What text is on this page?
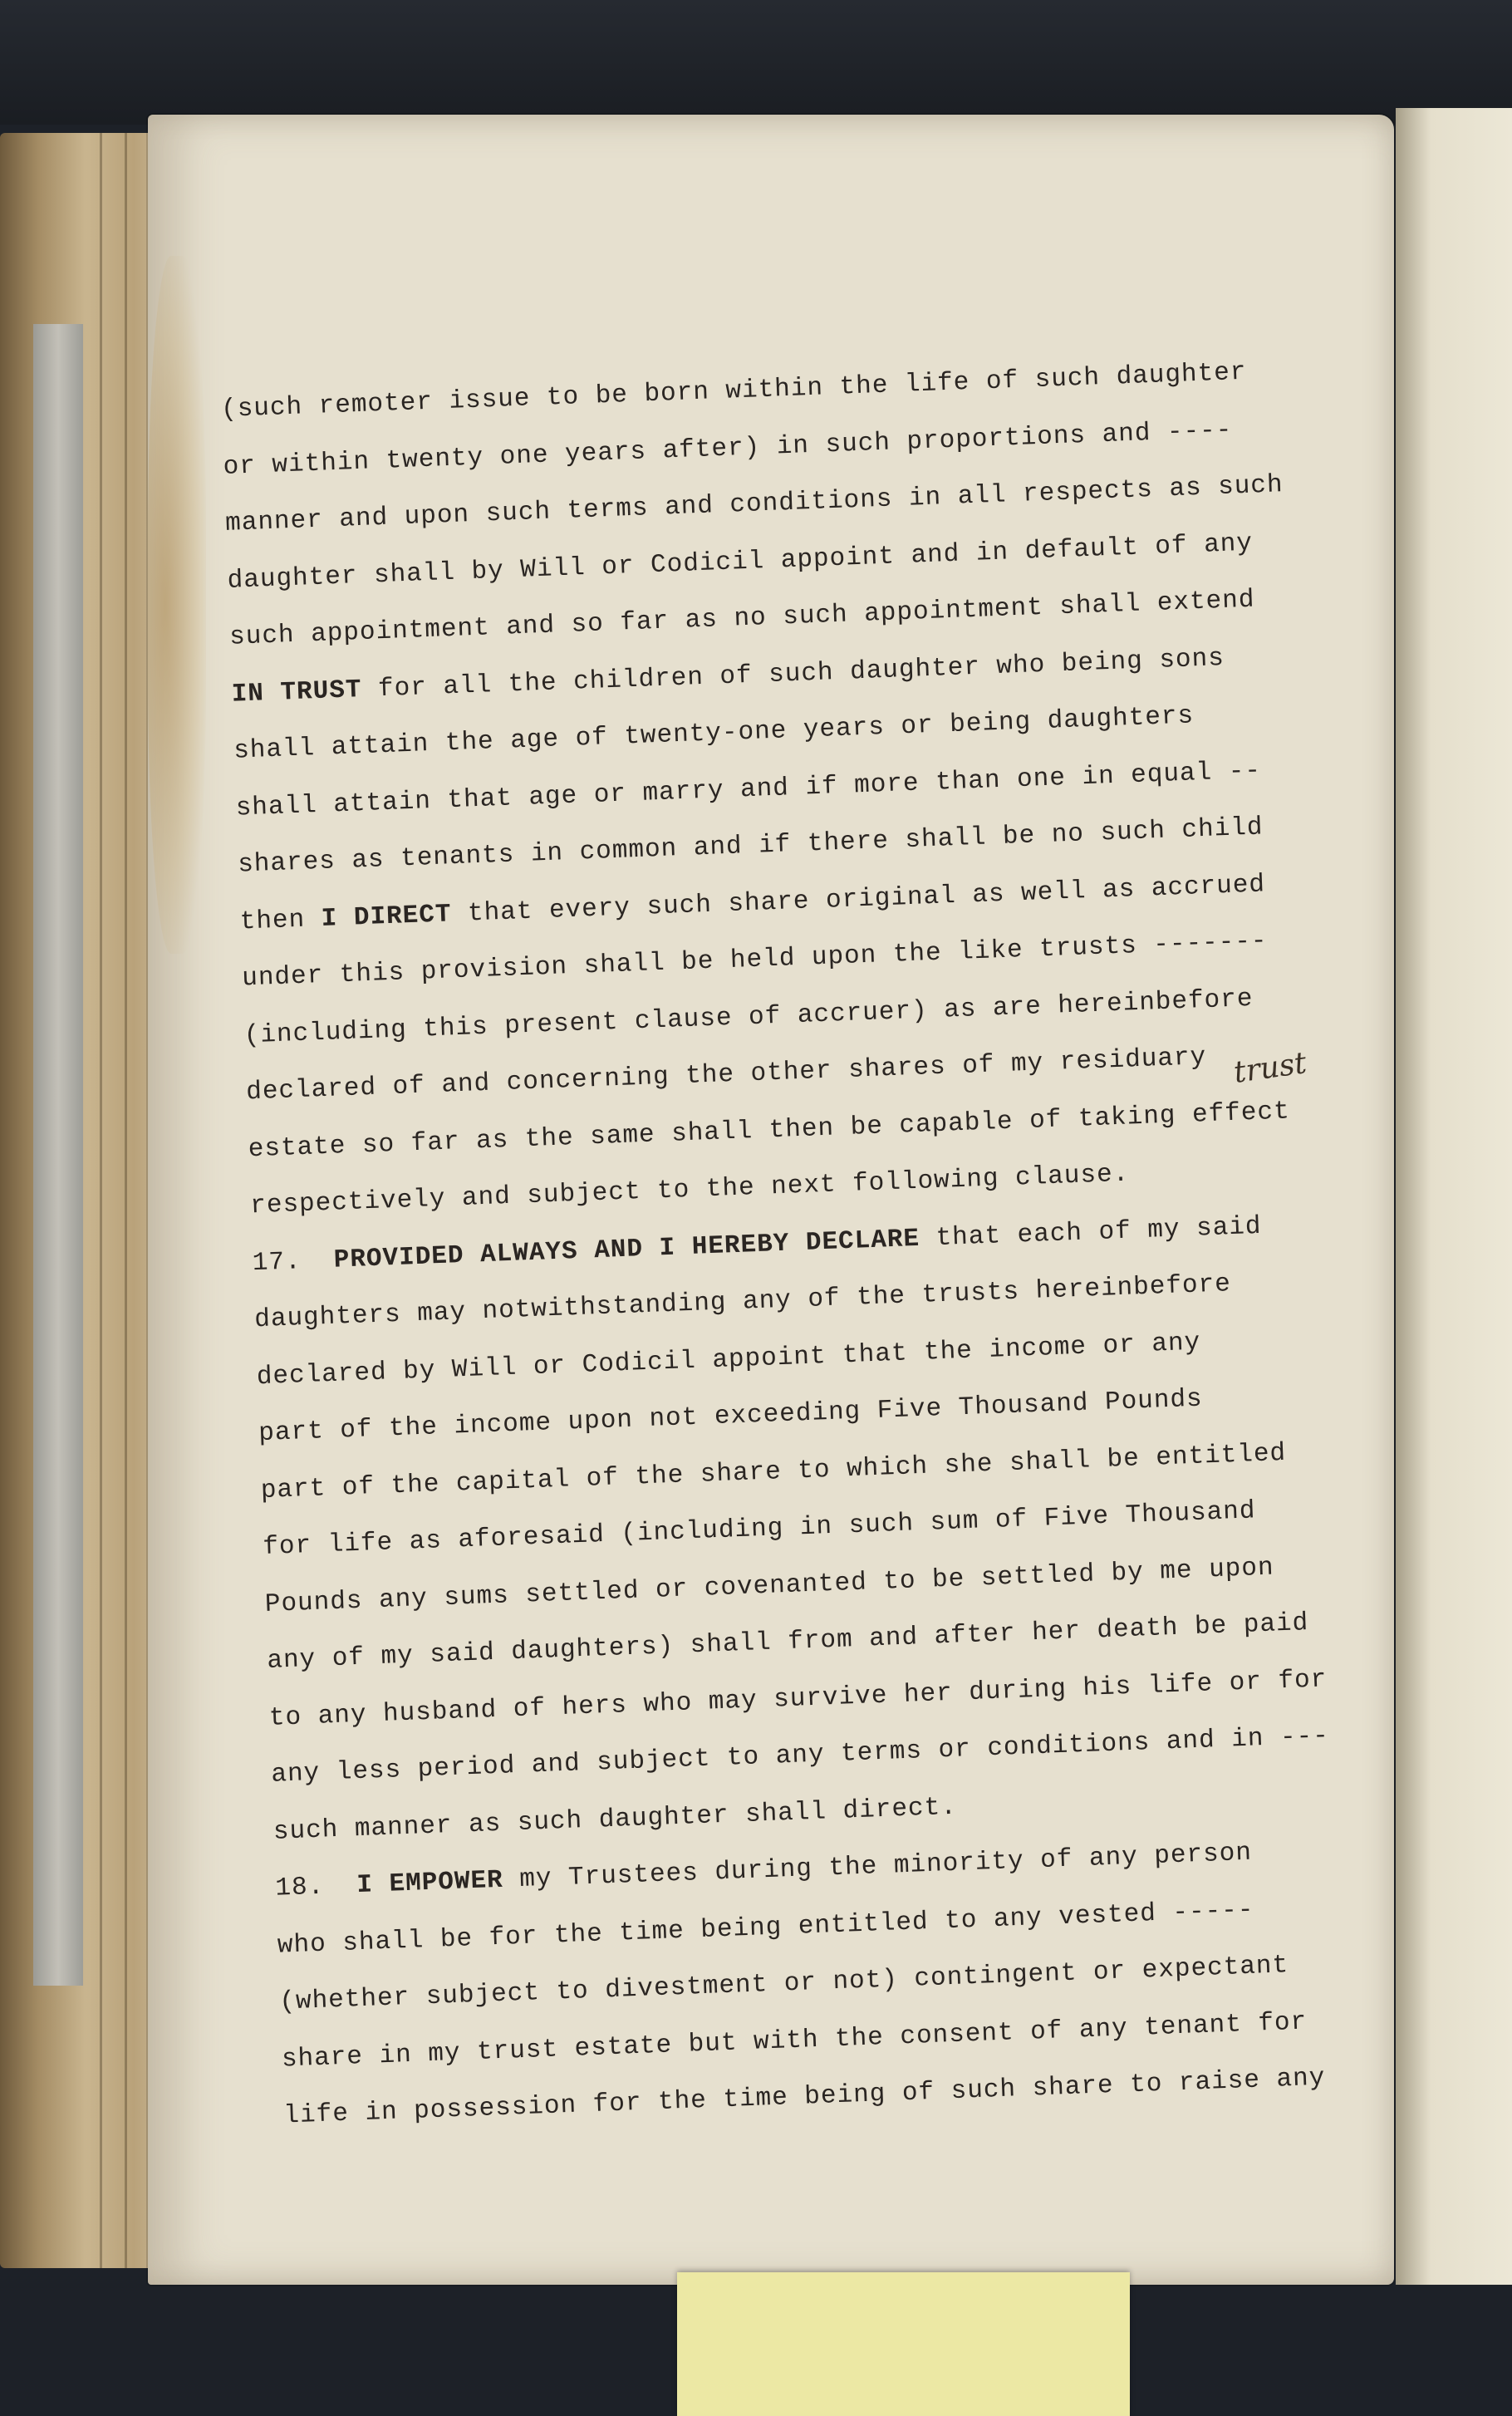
(such remoter issue to be born within the life of such daughter
or within twenty one years after) in such proportions and ----
manner and upon such terms and conditions in all respects as such
daughter shall by Will or Codicil appoint and in default of any
such appointment and so far as no such appointment shall extend
IN TRUST for all the children of such daughter who being sons
shall attain the age of twenty-one years or being daughters
shall attain that age or marry and if more than one in equal --
shares as tenants in common and if there shall be no such child
then I DIRECT that every such share original as well as accrued
under this provision shall be held upon the like trusts -------
(including this present clause of accruer) as are hereinbefore
declared of and concerning the other shares of my residuary
estate so far as the same shall then be capable of taking effect
respectively and subject to the next following clause.
17.  PROVIDED ALWAYS AND I HEREBY DECLARE that each of my said
daughters may notwithstanding any of the trusts hereinbefore
declared by Will or Codicil appoint that the income or any
part of the income upon not exceeding Five Thousand Pounds
part of the capital of the share to which she shall be entitled
for life as aforesaid (including in such sum of Five Thousand
Pounds any sums settled or covenanted to be settled by me upon
any of my said daughters) shall from and after her death be paid
to any husband of hers who may survive her during his life or for
any less period and subject to any terms or conditions and in ---
such manner as such daughter shall direct.
18.  I EMPOWER my Trustees during the minority of any person
who shall be for the time being entitled to any vested -----
(whether subject to divestment or not) contingent or expectant
share in my trust estate but with the consent of any tenant for
life in possession for the time being of such share to raise any
trust
